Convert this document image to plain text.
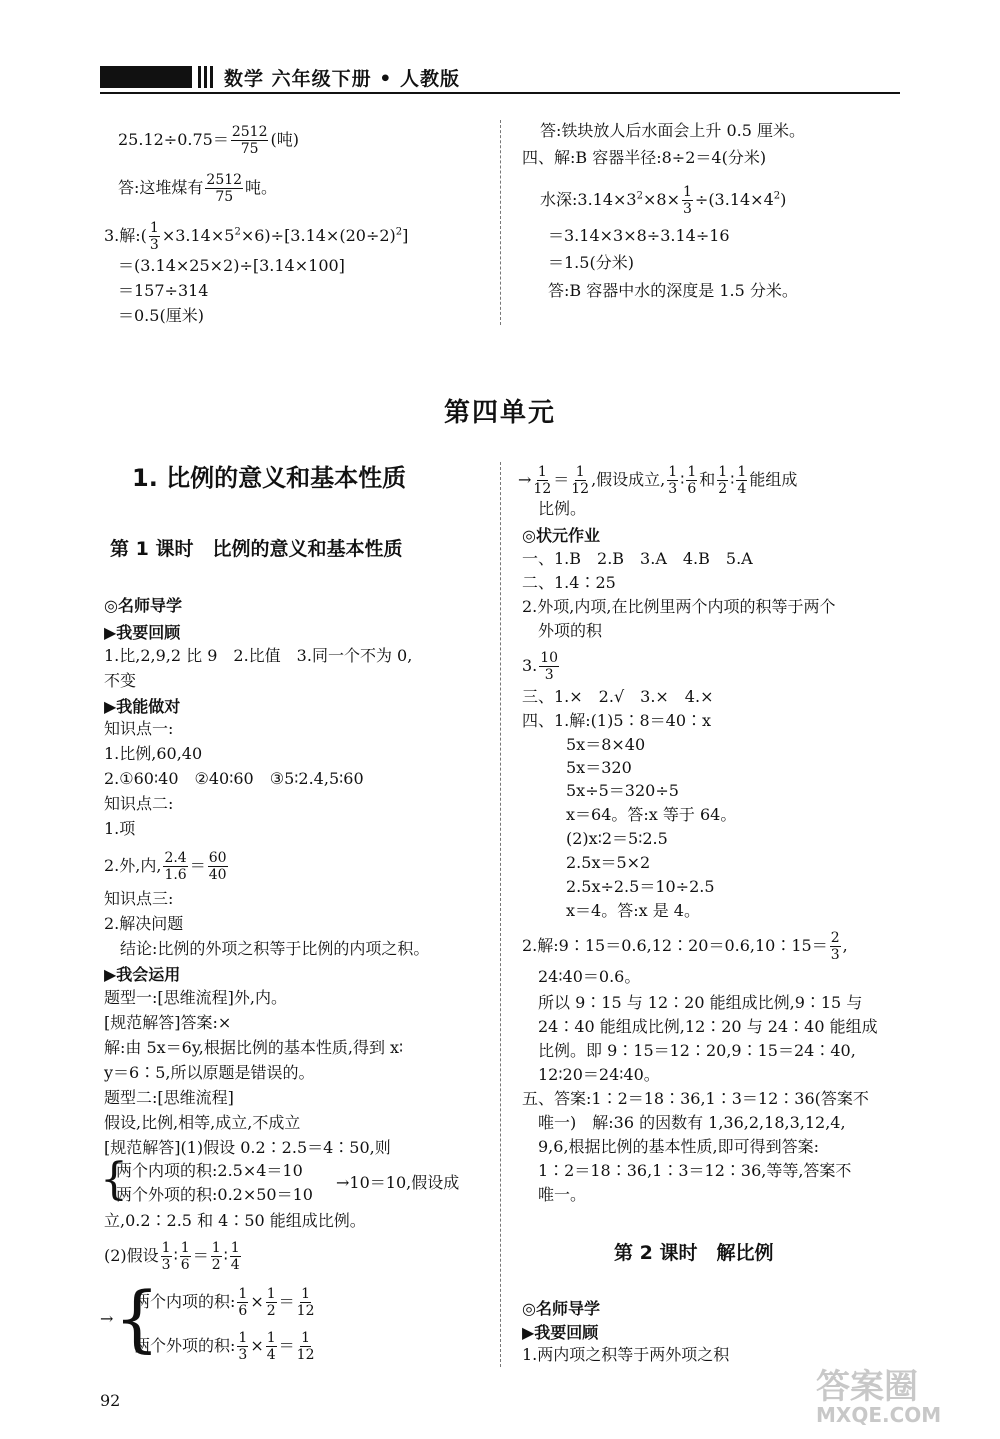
数学 六年级下册 • 人教版
$25.12\div 0.75= \frac{2512}{75}$ (吨)
答:这堆煤有 $\frac{2512}{75}$ 吨。
3.解:( $\frac{1}{3} \times 3.14\times 5^2\times 6)\div[3.14\times(20\div 2)^2]$
＝(3.14×25×2)÷[3.14×100]
＝157÷314
＝0.5(厘米)
答:铁块放人后水面会上升 0.5 厘米。
四、解:B 容器半径:8÷2＝4(分米)
水深$:3.14\times 3^2\times 8\times \frac{1}{3} \div(3.14\times 4^2)$
＝3.14×3×8÷3.14÷16
＝1.5(分米)
答:B 容器中水的深度是 1.5 分米。
第四单元
1. 比例的意义和基本性质
第 1 课时　比例的意义和基本性质
◎名师导学
▶我要回顾
1.比,2,9,2 比 9　2.比值　3.同一个不为 0,
不变
▶我能做对
知识点一:
1.比例,60,40
2.①60∶40　②40∶60　③5∶2.4,5∶60
知识点二:
1.项
2.外,内, $\frac{2.4}{1.6} = \frac{60}{40}$
知识点三:
2.解决问题
结论:比例的外项之积等于比例的内项之积。
▶我会运用
题型一:[思维流程]外,内。
[规范解答]答案:×
解:由 5x＝6y,根据比例的基本性质,得到 x∶
y＝6∶5,所以原题是错误的。
题型二:[思维流程]
假设,比例,相等,成立,不成立
[规范解答](1)假设 0.2∶2.5＝4∶50,则
{
两个内项的积:2.5×4＝10
两个外项的积:0.2×50＝10
→10＝10,假设成
立,0.2∶2.5 和 4∶50 能组成比例。
(2)假设 $\frac{1}{3}$ ∶ $\frac{1}{6} = \frac{1}{2}$ ∶ $\frac{1}{4}$
→ {
两个内项的积: $\frac{1}{6} \times \frac{1}{2} = \frac{1}{12}$
两个外项的积: $\frac{1}{3} \times \frac{1}{4} = \frac{1}{12}$
→ $\frac{1}{12} = \frac{1}{12}$ ,假设成立, $\frac{1}{3}$ ∶ $\frac{1}{6}$ 和 $\frac{1}{2}$ ∶ $\frac{1}{4}$ 能组成
比例。
◎状元作业
一、1.B　2.B　3.A　4.B　5.A
二、1.4∶25
2.外项,内项,在比例里两个内项的积等于两个
外项的积
3. $\frac{10}{3}$
三、1.×　2.√　3.×　4.×
四、1.解:(1)5∶8＝40∶x
5x＝8×40
5x＝320
5x÷5＝320÷5
x＝64。答:x 等于 64。
(2)x∶2＝5∶2.5
2.5x＝5×2
2.5x÷2.5＝10÷2.5
x＝4。答:x 是 4。
2.解:9∶15＝0.6,12∶20＝0.6,10∶15＝ $\frac{2}{3}$ ,
24∶40＝0.6。
所以 9∶15 与 12∶20 能组成比例,9∶15 与
24∶40 能组成比例,12∶20 与 24∶40 能组成
比例。即 9∶15＝12∶20,9∶15＝24∶40,
12∶20＝24∶40。
五、答案:1∶2＝18∶36,1∶3＝12∶36(答案不
唯一)　解:36 的因数有 1,36,2,18,3,12,4,
9,6,根据比例的基本性质,即可得到答案:
1∶2＝18∶36,1∶3＝12∶36,等等,答案不
唯一。
第 2 课时　解比例
◎名师导学
▶我要回顾
1.两内项之积等于两外项之积
92	答案圈
MXQE.COM
